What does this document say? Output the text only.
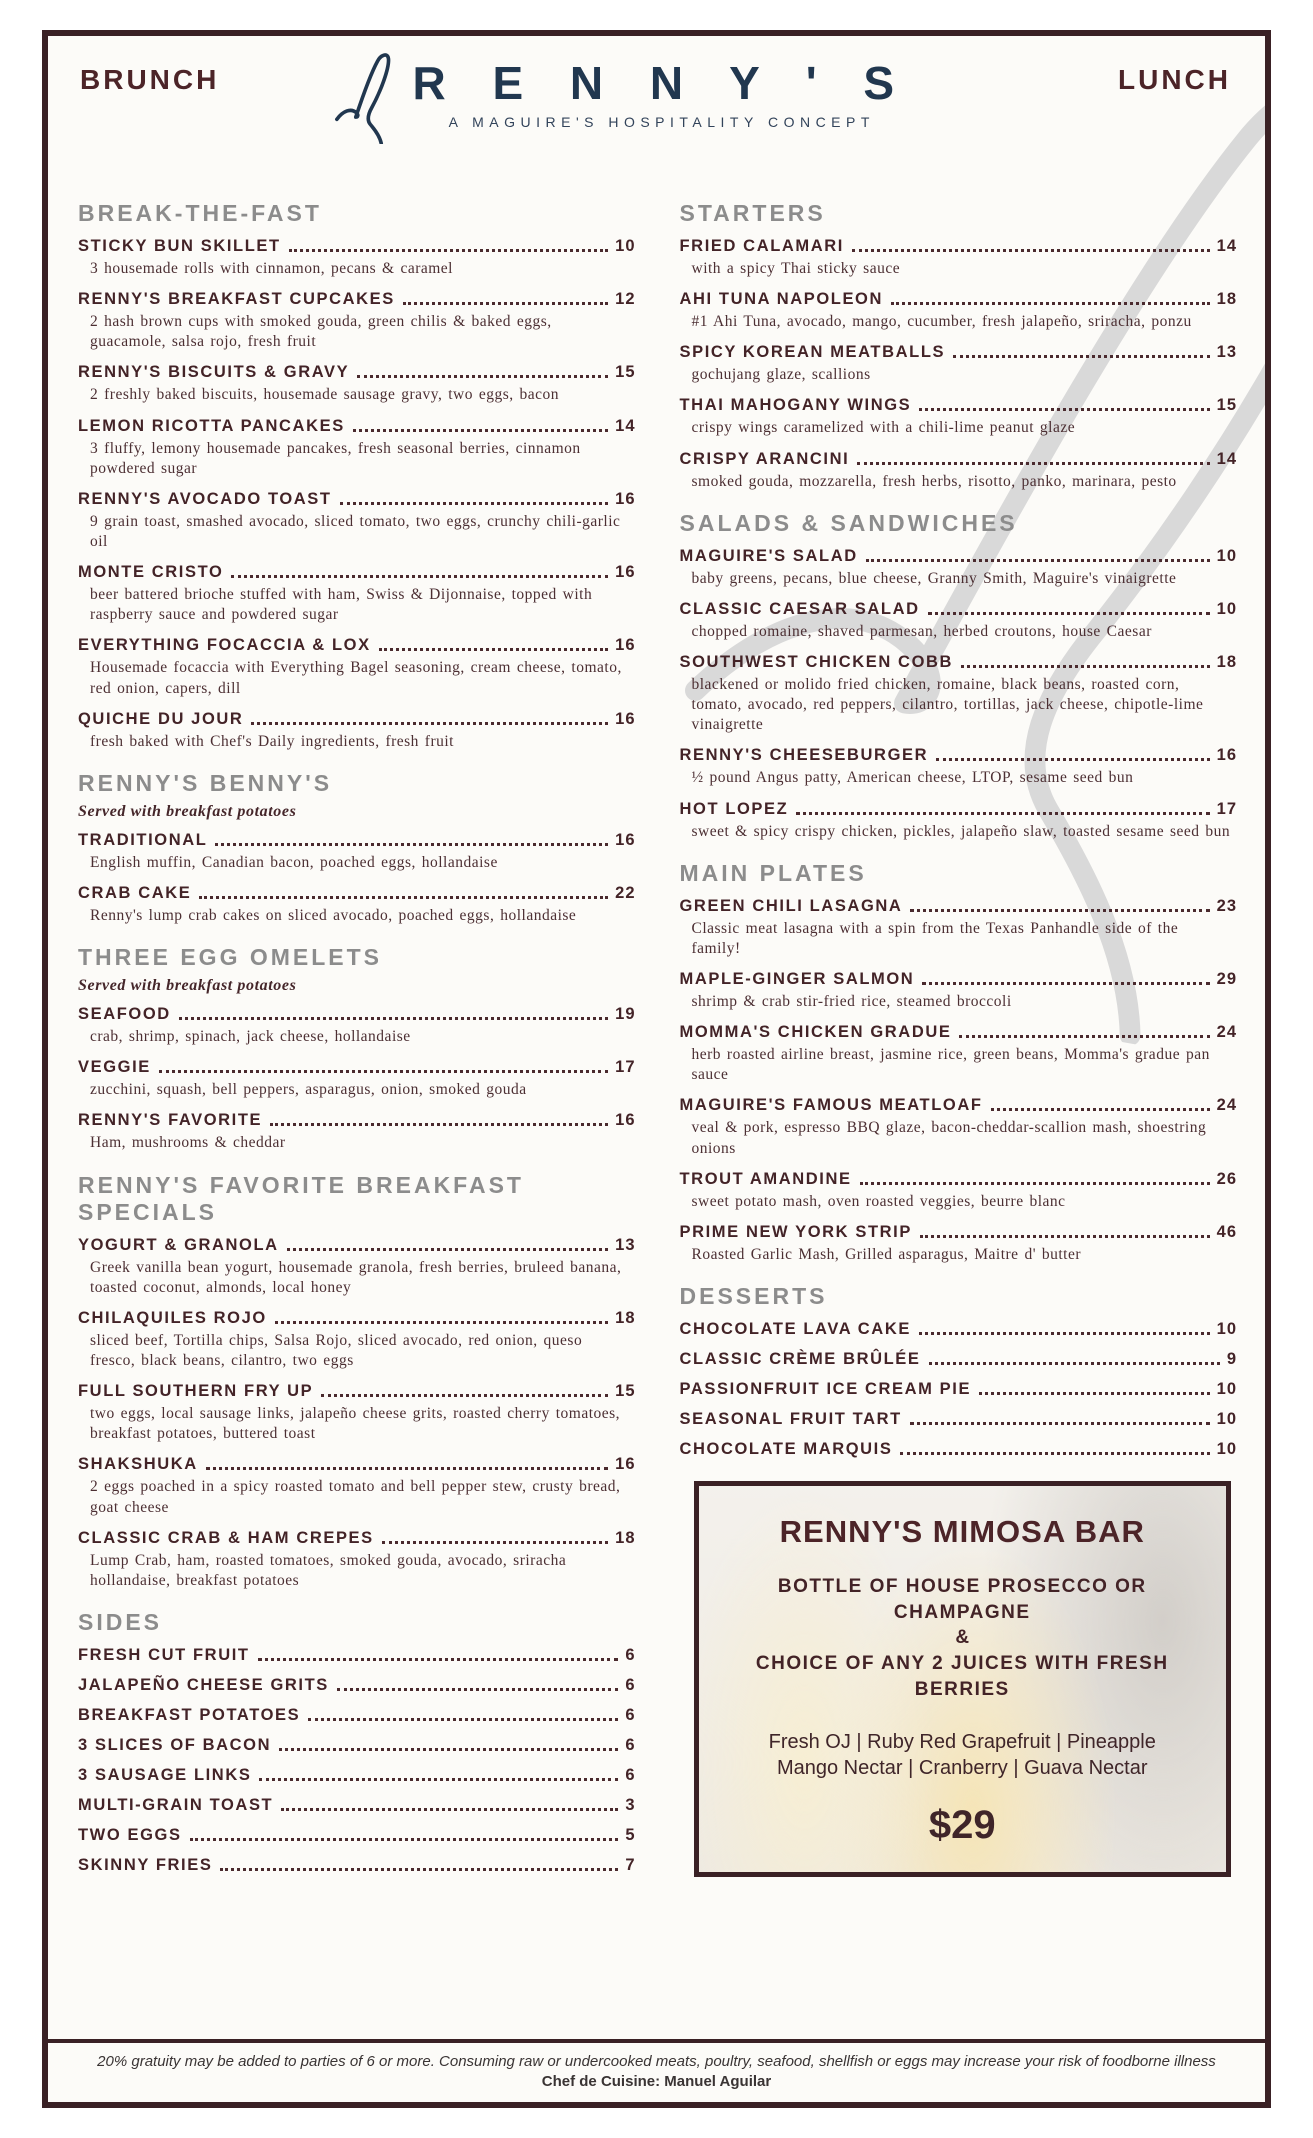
BRUNCH	LUNCH
R E N N Y ' S
A MAGUIRE'S HOSPITALITY CONCEPT
BREAK-THE-FAST
STICKY BUN SKILLET	10

3 housemade rolls with cinnamon, pecans & caramel

RENNY'S BREAKFAST CUPCAKES	12

2 hash brown cups with smoked gouda, green chilis & baked eggs, guacamole, salsa rojo, fresh fruit

RENNY'S BISCUITS & GRAVY	15

2 freshly baked biscuits, housemade sausage gravy, two eggs, bacon

LEMON RICOTTA PANCAKES	14

3 fluffy, lemony housemade pancakes, fresh seasonal berries, cinnamon powdered sugar

RENNY'S AVOCADO TOAST	16

9 grain toast, smashed avocado, sliced tomato, two eggs, crunchy chili-garlic oil

MONTE CRISTO	16

beer battered brioche stuffed with ham, Swiss & Dijonnaise, topped with raspberry sauce and powdered sugar

EVERYTHING FOCACCIA & LOX	16

Housemade focaccia with Everything Bagel seasoning, cream cheese, tomato, red onion, capers, dill

QUICHE DU JOUR	16

fresh baked with Chef's Daily ingredients, fresh fruit

RENNY'S BENNY'S

Served with breakfast potatoes

TRADITIONAL	16

English muffin, Canadian bacon, poached eggs, hollandaise

CRAB CAKE	22

Renny's lump crab cakes on sliced avocado, poached eggs, hollandaise

THREE EGG OMELETS

Served with breakfast potatoes

SEAFOOD	19

crab, shrimp, spinach, jack cheese, hollandaise

VEGGIE	17

zucchini, squash, bell peppers, asparagus, onion, smoked gouda

RENNY'S FAVORITE	16

Ham, mushrooms & cheddar

RENNY'S FAVORITE BREAKFAST SPECIALS
YOGURT & GRANOLA	13

Greek vanilla bean yogurt, housemade granola, fresh berries, bruleed banana, toasted coconut, almonds, local honey

CHILAQUILES ROJO	18

sliced beef, Tortilla chips, Salsa Rojo, sliced avocado, red onion, queso fresco, black beans, cilantro, two eggs

FULL SOUTHERN FRY UP	15

two eggs, local sausage links, jalapeño cheese grits, roasted cherry tomatoes, breakfast potatoes, buttered toast

SHAKSHUKA	16

2 eggs poached in a spicy roasted tomato and bell pepper stew, crusty bread, goat cheese

CLASSIC CRAB & HAM CREPES	18

Lump Crab, ham, roasted tomatoes, smoked gouda, avocado, sriracha hollandaise, breakfast potatoes

SIDES
FRESH CUT FRUIT	6
JALAPEÑO CHEESE GRITS	6
BREAKFAST POTATOES	6
3 SLICES OF BACON	6
3 SAUSAGE LINKS	6
MULTI-GRAIN TOAST	3
TWO EGGS	5
SKINNY FRIES	7
STARTERS
FRIED CALAMARI	14

with a spicy Thai sticky sauce

AHI TUNA NAPOLEON	18

#1 Ahi Tuna, avocado, mango, cucumber, fresh jalapeño, sriracha, ponzu

SPICY KOREAN MEATBALLS	13

gochujang glaze, scallions

THAI MAHOGANY WINGS	15

crispy wings caramelized with a chili-lime peanut glaze

CRISPY ARANCINI	14

smoked gouda, mozzarella, fresh herbs, risotto, panko, marinara, pesto

SALADS & SANDWICHES
MAGUIRE'S SALAD	10

baby greens, pecans, blue cheese, Granny Smith, Maguire's vinaigrette

CLASSIC CAESAR SALAD	10

chopped romaine, shaved parmesan, herbed croutons, house Caesar

SOUTHWEST CHICKEN COBB	18

blackened or molido fried chicken, romaine, black beans, roasted corn, tomato, avocado, red peppers, cilantro, tortillas, jack cheese, chipotle-lime vinaigrette

RENNY'S CHEESEBURGER	16

½ pound Angus patty, American cheese, LTOP, sesame seed bun

HOT LOPEZ	17

sweet & spicy crispy chicken, pickles, jalapeño slaw, toasted sesame seed bun

MAIN PLATES
GREEN CHILI LASAGNA	23

Classic meat lasagna with a spin from the Texas Panhandle side of the family!

MAPLE-GINGER SALMON	29

shrimp & crab stir-fried rice, steamed broccoli

MOMMA'S CHICKEN GRADUE	24

herb roasted airline breast, jasmine rice, green beans, Momma's gradue pan sauce

MAGUIRE'S FAMOUS MEATLOAF	24

veal & pork, espresso BBQ glaze, bacon-cheddar-scallion mash, shoestring onions

TROUT AMANDINE	26

sweet potato mash, oven roasted veggies, beurre blanc

PRIME NEW YORK STRIP	46

Roasted Garlic Mash, Grilled asparagus, Maitre d' butter

DESSERTS
CHOCOLATE LAVA CAKE	10
CLASSIC CRÈME BRÛLÉE	9
PASSIONFRUIT ICE CREAM PIE	10
SEASONAL FRUIT TART	10
CHOCOLATE MARQUIS	10

RENNY'S MIMOSA BAR

BOTTLE OF HOUSE PROSECCO OR CHAMPAGNE

&

CHOICE OF ANY 2 JUICES WITH FRESH BERRIES

Fresh OJ | Ruby Red Grapefruit | Pineapple
Mango Nectar | Cranberry | Guava Nectar

$29

20% gratuity may be added to parties of 6 or more. Consuming raw or undercooked meats, poultry, seafood, shellfish or eggs may increase your risk of foodborne illness

Chef de Cuisine: Manuel Aguilar
